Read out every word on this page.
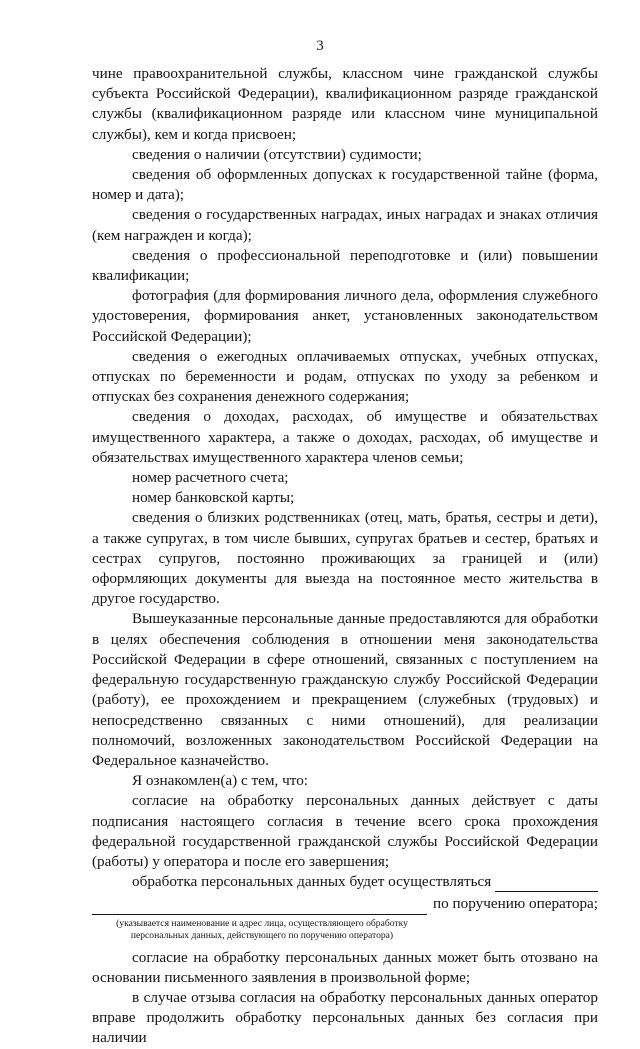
3

чине правоохранительной службы, классном чине гражданской службы субъекта Российской Федерации), квалификационном разряде гражданской службы (квалификационном разряде или классном чине муниципальной службы), кем и когда присвоен;

сведения о наличии (отсутствии) судимости;

сведения об оформленных допусках к государственной тайне (форма, номер и дата);

сведения о государственных наградах, иных наградах и знаках отличия (кем награжден и когда);

сведения о профессиональной переподготовке и (или) повышении квалификации;

фотография (для формирования личного дела, оформления служебного удостоверения, формирования анкет, установленных законодательством Российской Федерации);

сведения о ежегодных оплачиваемых отпусках, учебных отпусках, отпусках по беременности и родам, отпусках по уходу за ребенком и отпусках без сохранения денежного содержания;

сведения о доходах, расходах, об имуществе и обязательствах имущественного характера, а также о доходах, расходах, об имуществе и обязательствах имущественного характера членов семьи;

номер расчетного счета;

номер банковской карты;

сведения о близких родственниках (отец, мать, братья, сестры и дети), а также супругах, в том числе бывших, супругах братьев и сестер, братьях и сестрах супругов, постоянно проживающих за границей и (или) оформляющих документы для выезда на постоянное место жительства в другое государство.

Вышеуказанные персональные данные предоставляются для обработки в целях обеспечения соблюдения в отношении меня законодательства Российской Федерации в сфере отношений, связанных с поступлением на федеральную государственную гражданскую службу Российской Федерации (работу), ее прохождением и прекращением (служебных (трудовых) и непосредственно связанных с ними отношений), для реализации полномочий, возложенных законодательством Российской Федерации на Федеральное казначейство.

Я ознакомлен(а) с тем, что:

согласие на обработку персональных данных действует с даты подписания настоящего согласия в течение всего срока прохождения федеральной государственной гражданской службы Российской Федерации (работы) у оператора и после его завершения;

обработка персональных данных будет осуществляться
по поручению оператора;
(указывается наименование и адрес лица, осуществляющего обработку персональных данных, действующего по поручению оператора)

согласие на обработку персональных данных может быть отозвано на основании письменного заявления в произвольной форме;

в случае отзыва согласия на обработку персональных данных оператор вправе продолжить обработку персональных данных без согласия при наличии
